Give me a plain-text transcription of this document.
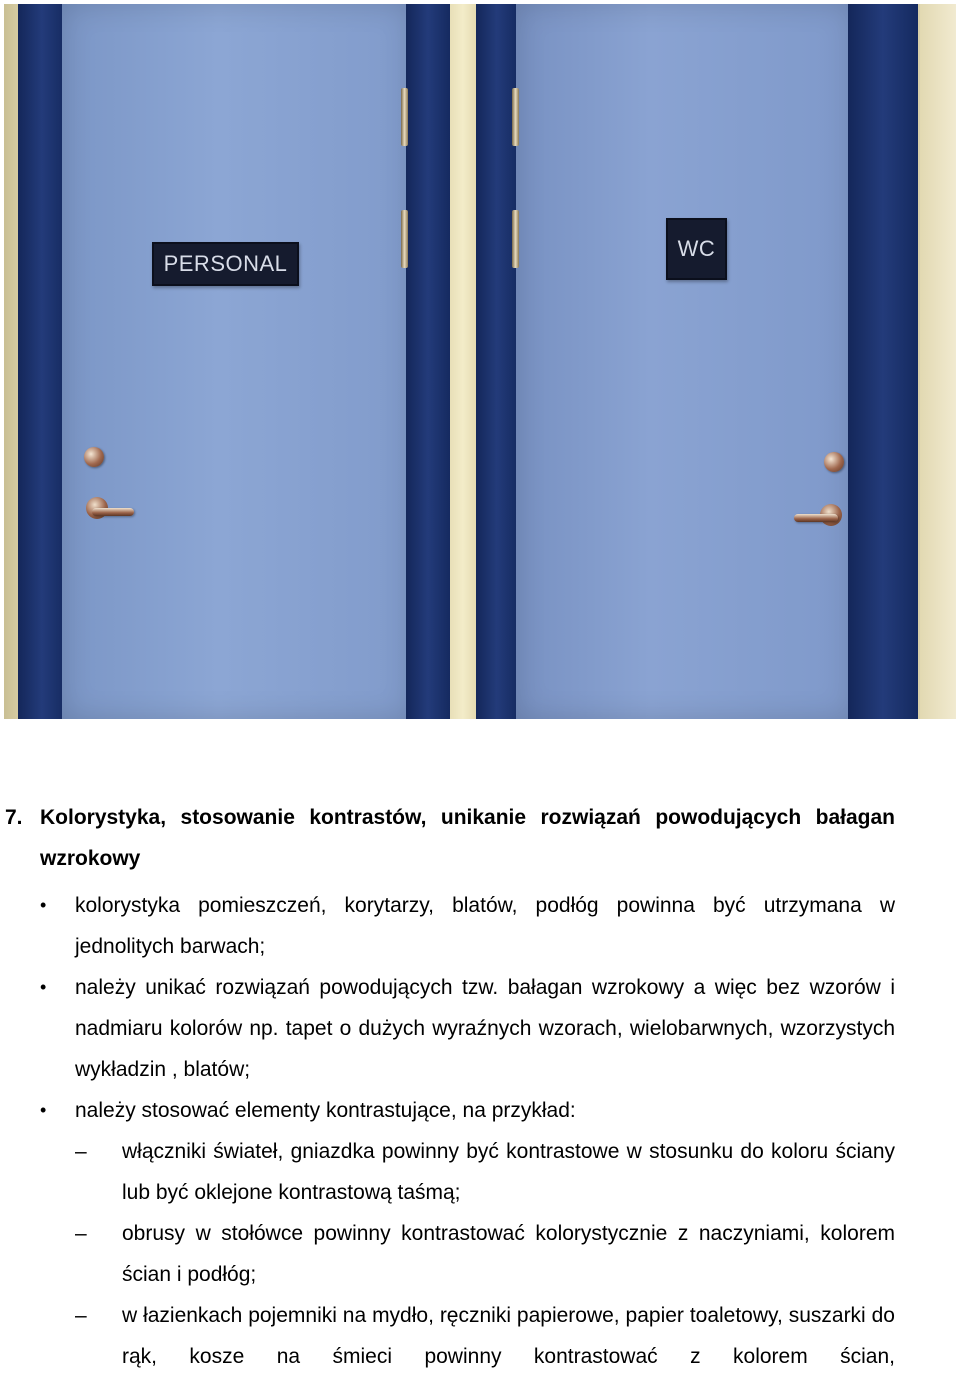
PERSONAL
WC
7. Kolorystyka, stosowanie kontrastów, unikanie rozwiązań powodujących bałagan wzrokowy
• kolorystyka pomieszczeń, korytarzy, blatów, podłóg powinna być utrzymana w jednolitych barwach;
• należy unikać rozwiązań powodujących tzw. bałagan wzrokowy a więc bez wzorów i nadmiaru kolorów np. tapet o dużych wyraźnych wzorach, wielobarwnych, wzorzystych wykładzin , blatów;
• należy stosować elementy kontrastujące, na przykład:
– włączniki świateł, gniazdka powinny być kontrastowe w stosunku do koloru ściany lub być oklejone kontrastową taśmą;
– obrusy w stołówce powinny kontrastować kolorystycznie z naczyniami, kolorem ścian i podłóg;
– w łazienkach pojemniki na mydło, ręczniki papierowe, papier toaletowy, suszarki do rąk, kosze na śmieci powinny kontrastować z kolorem ścian,
